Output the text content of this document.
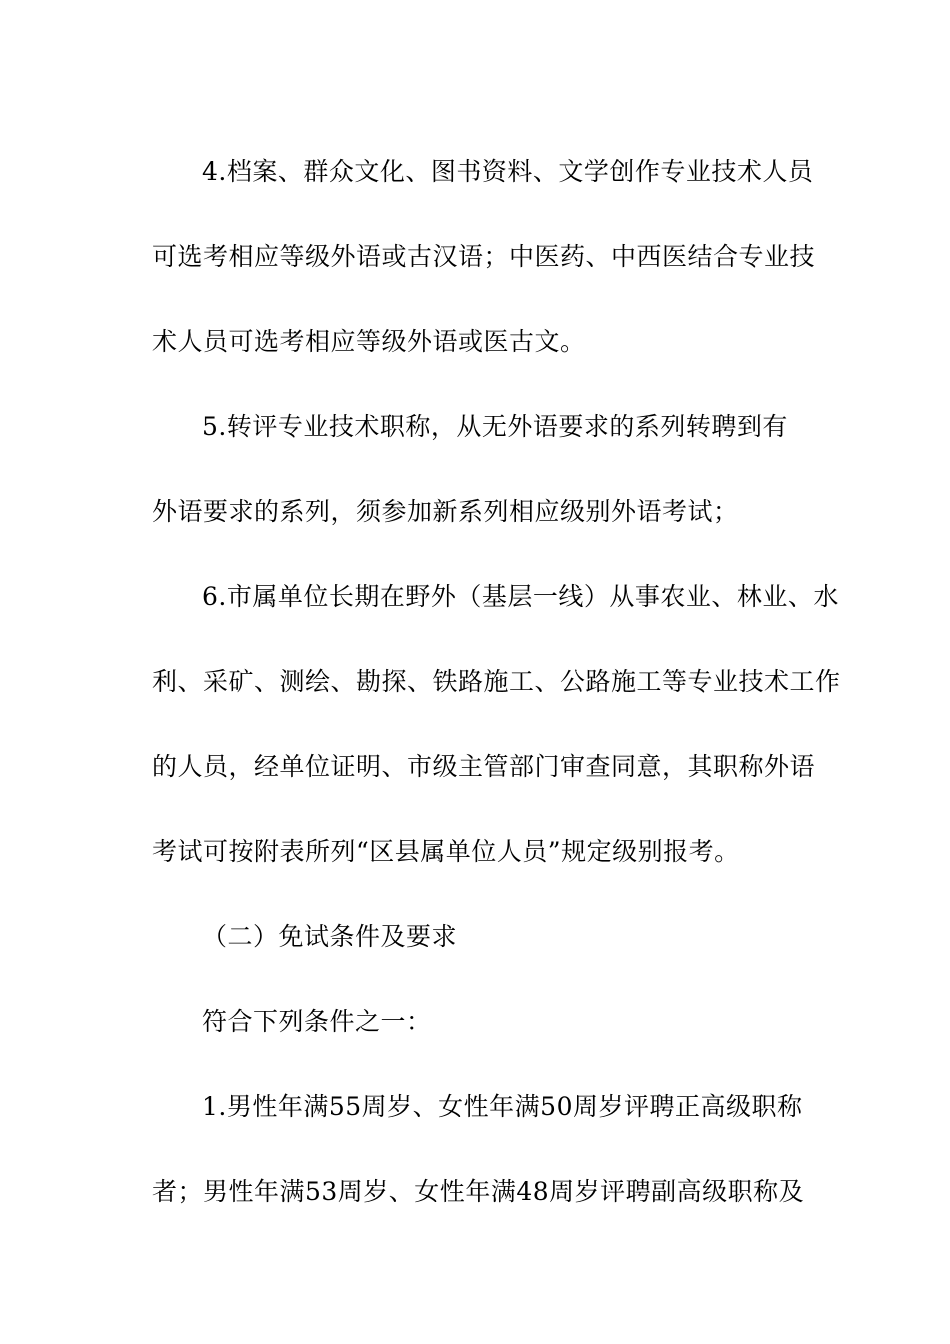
4.档案、群众文化、图书资料、文学创作专业技术人员
可选考相应等级外语或古汉语；中医药、中西医结合专业技
术人员可选考相应等级外语或医古文。
5.转评专业技术职称，从无外语要求的系列转聘到有
外语要求的系列，须参加新系列相应级别外语考试；
6.市属单位长期在野外（基层一线）从事农业、林业、水
利、采矿、测绘、勘探、铁路施工、公路施工等专业技术工作
的人员，经单位证明、市级主管部门审查同意，其职称外语
考试可按附表所列“区县属单位人员”规定级别报考。
（二）免试条件及要求
符合下列条件之一：
1.男性年满55周岁、女性年满50周岁评聘正高级职称
者；男性年满53周岁、女性年满48周岁评聘副高级职称及
